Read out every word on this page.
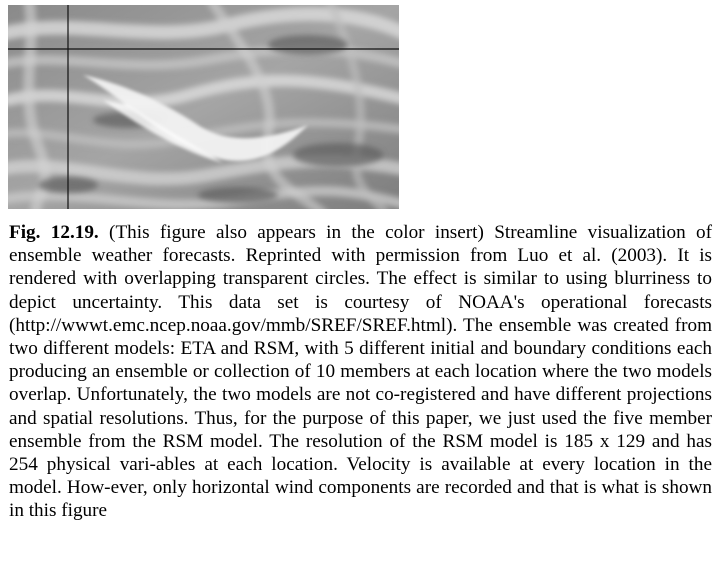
Fig. 12.19. (This figure also appears in the color insert) Streamline visualization of ensemble weather forecasts. Reprinted with permission from Luo et al. (2003). It is rendered with overlapping transparent circles. The effect is similar to using blurriness to depict uncertainty. This data set is courtesy of NOAA's operational forecasts (http://wwwt.emc.ncep.noaa.gov/mmb/SREF/SREF.html). The ensemble was created from two different models: ETA and RSM, with 5 different initial and boundary conditions each producing an ensemble or collection of 10 members at each location where the two models overlap. Unfortunately, the two models are not co-registered and have different projections and spatial resolutions. Thus, for the purpose of this paper, we just used the five member ensemble from the RSM model. The resolution of the RSM model is 185 x 129 and has 254 physical vari-ables at each location. Velocity is available at every location in the model. How-ever, only horizontal wind components are recorded and that is what is shown in this figure
